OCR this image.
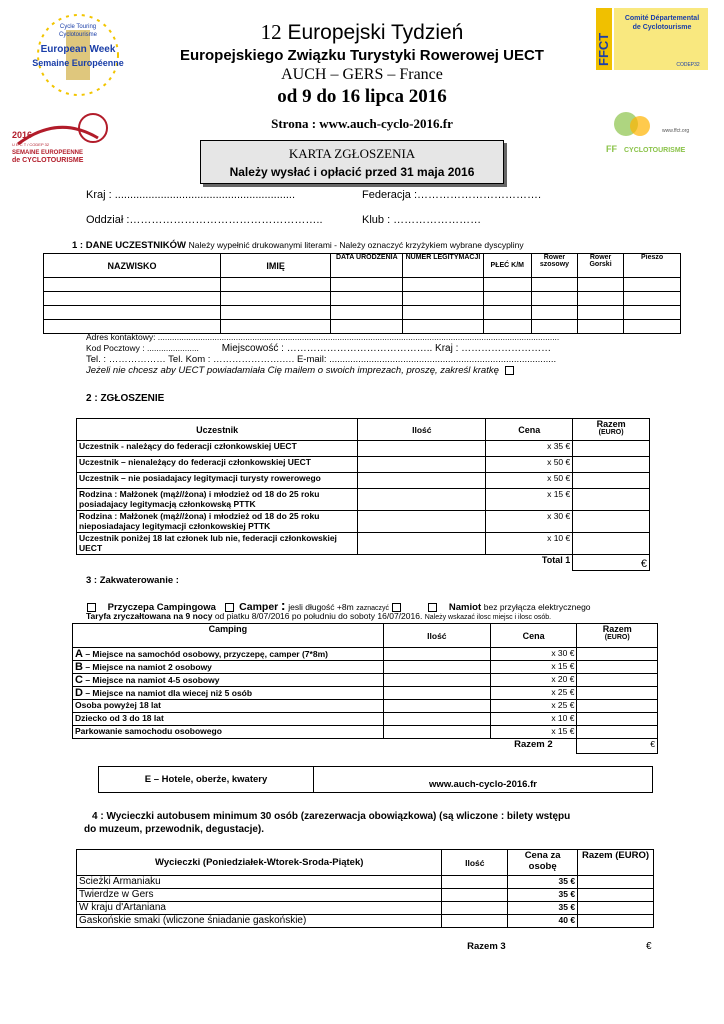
Cycle Touring
Cyclotourisme
European Week
Semaine Européenne
2016
U E C T / CODEP 32
SEMAINE EUROPEENNE
de CYCLOTOURISME
FFCT
Comité Départemental
de Cyclotourisme
CODEP32
www.ffct.org
FF CYCLOTOURISME
12 Europejski Tydzień
Europejskiego Związku Turystyki Rowerowej UECT
AUCH – GERS – France
od 9 do 16 lipca 2016
Strona : www.auch-cyclo-2016.fr
KARTA ZGŁOSZENIA
Należy wysłać i opłacić przed 31 maja 2016
Kraj : ...........................................................	Federacja :…………………………….
Oddział :……………………………………………..	Klub : ……………………
1 : DANE UCZESTNIKÓW Należy wypełnić drukowanymi literami - Należy oznaczyć krzyżykiem wybrane dyscypliny
NAZWISKO	IMIĘ	DATA URODZENIA	NUMER LEGITYMACJI	PŁEĆ K/M	Rower szosowy	Rower Gorski	Pieszo

Adres kontaktowy: ..........................................................................................................................................................................
Kod Pocztowy : ...................... Miejscowość : …………………………………….. Kraj : ………………………
Tel. : ……………… Tel. Kom : ………………….…. E-mail: ......................................................................................
Jeżeli nie chcesz aby UECT powiadamiała Cię mailem o swoich imprezach, proszę, zakreśl kratkę
2 : ZGŁOSZENIE
Uczestnik	Ilość	Cena	Razem
(EURO)

Uczestnik - należący do federacji członkowskiej UECT		x 35 €	
Uczestnik – nienależący do federacji członkowskiej UECT		x 50 €	
Uczestnik – nie posiadajacy legitymacji turysty rowerowego		x 50 €	
Rodzina : Małżonek (mąż//żona) i młodzież od 18 do 25 roku posiadajacy legitymacją członkowską PTTK		x 15 €	
Rodzina : Małżonek (mąż//żona) i młodzież od 18 do 25 roku nieposiadajacy legitymacji członkowskiej PTTK		x 30 €	
Uczestnik poniżej 18 lat członek lub nie, federacji członkowskiej UECT		x 10 €	
		Total 1	€
3 : Zakwaterowanie :
Przyczepa Campingowa Camper : jesli długość +8m zaznaczyć	Namiot bez przyłącza elektrycznego
Taryfa zryczałtowana na 9 nocy od piatku 8/07/2016 po południu do soboty 16/07/2016. Należy wskazać ilosc miejsc i ilosc osób.
Camping	Ilość	Cena	Razem
(EURO)

A – Miejsce na samochód osobowy, przyczepę, camper (7*8m)		x 30 €	
B – Miejsce na namiot 2 osobowy		x 15 €	
C – Miejsce na namiot 4-5 osobowy		x 20 €	
D – Miejsce na namiot dla wiecej niż 5 osób		x 25 €	
Osoba powyżej 18 lat		x 25 €	
Dziecko od 3 do 18 lat		x 10 €	
Parkowanie samochodu osobowego		x 15 €	
		Razem 2	€
E – Hotele, oberże, kwatery	www.auch-cyclo-2016.fr
4 : Wycieczki autobusem minimum 30 osób (zarezerwacja obowiązkowa) (są wliczone : bilety wstępu do muzeum, przewodnik, degustacje).
Wycieczki (Poniedziałek-Wtorek-Sroda-Piątek)	Ilość	Cena za osobę	Razem (EURO)
Scieżki Armaniaku		35 €	
Twierdze w Gers		35 €	
W kraju d'Artaniana		35 €	
Gaskońskie smaki (wliczone śniadanie gaskońskie)		40 €	
	Razem 3		€
